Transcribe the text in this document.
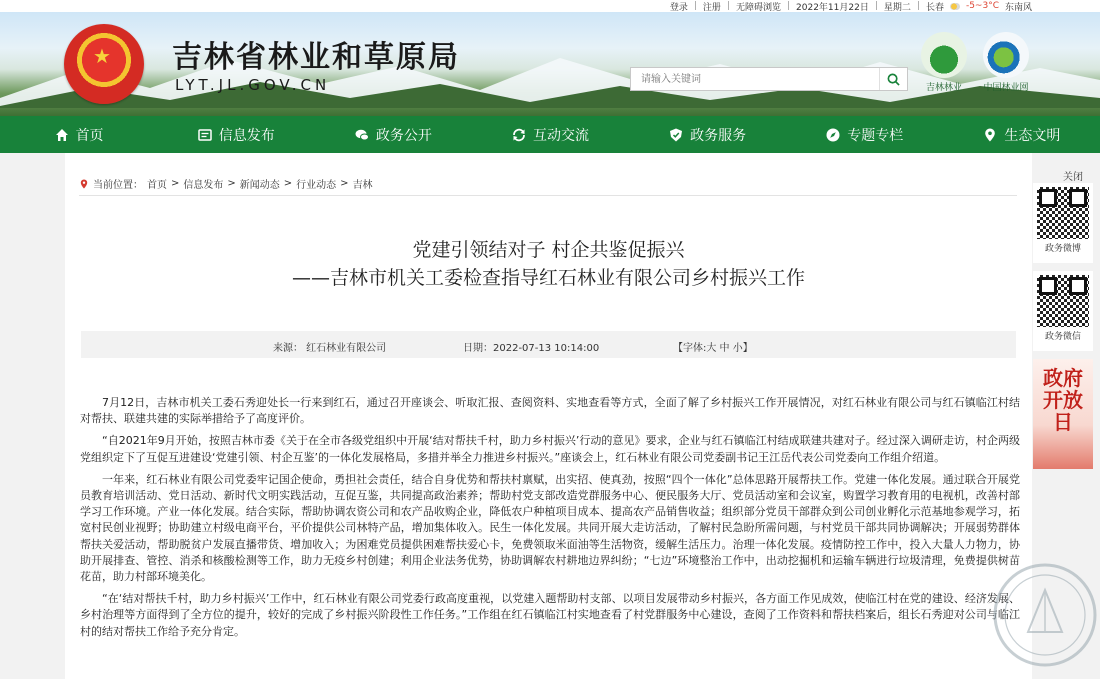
登录 | 注册 | 无障碍浏览 | 2022年11月22日 | 星期二 | 长春 -5~3°C 东南风
★ 吉林省林业和草原局
LYT.JL.GOV.CN
请输入关键词	吉林林业	中国林业网
首页	信息发布	政务公开	互动交流	政务服务	专题专栏	生态文明
当前位置： 首页 > 信息发布 > 新闻动态 > 行业动态 > 吉林
党建引领结对子 村企共鉴促振兴
——吉林市机关工委检查指导红石林业有限公司乡村振兴工作
来源： 红石林业有限公司	日期：2022-07-13 10:14:00	【字体:大 中 小】

7月12日，吉林市机关工委石秀迎处长一行来到红石，通过召开座谈会、听取汇报、查阅资料、实地查看等方式，全面了解了乡村振兴工作开展情况，对红石林业有限公司与红石镇临江村结对帮扶、联建共建的实际举措给予了高度评价。

“自2021年9月开始，按照吉林市委《关于在全市各级党组织中开展‘结对帮扶千村，助力乡村振兴’行动的意见》要求，企业与红石镇临江村结成联建共建对子。经过深入调研走访，村企两级党组织定下了互促互进建设‘党建引领、村企互鉴’的一体化发展格局，多措并举全力推进乡村振兴。”座谈会上，红石林业有限公司党委副书记王江岳代表公司党委向工作组介绍道。

一年来，红石林业有限公司党委牢记国企使命，勇担社会责任，结合自身优势和帮扶村禀赋，出实招、使真劲，按照“四个一体化”总体思路开展帮扶工作。党建一体化发展。通过联合开展党员教育培训活动、党日活动、新时代文明实践活动，互促互鉴，共同提高政治素养；帮助村党支部改造党群服务中心、便民服务大厅、党员活动室和会议室，购置学习教育用的电视机，改善村部学习工作环境。产业一体化发展。结合实际，帮助协调农资公司和农产品收购企业，降低农户种植项目成本、提高农产品销售收益；组织部分党员干部群众到公司创业孵化示范基地参观学习，拓宽村民创业视野；协助建立村级电商平台，平价提供公司林特产品，增加集体收入。民生一体化发展。共同开展大走访活动，了解村民急盼所需问题，与村党员干部共同协调解决；开展弱势群体帮扶关爱活动，帮助脱贫户发展直播带货、增加收入；为困难党员提供困难帮扶爱心卡，免费领取米面油等生活物资，缓解生活压力。治理一体化发展。疫情防控工作中，投入大量人力物力，协助开展排查、管控、消杀和核酸检测等工作，助力无疫乡村创建；利用企业法务优势，协助调解农村耕地边界纠纷；“七边”环境整治工作中，出动挖掘机和运输车辆进行垃圾清理，免费提供树苗花苗，助力村部环境美化。

“在‘结对帮扶千村，助力乡村振兴’工作中，红石林业有限公司党委行政高度重视，以党建入题帮助村支部、以项目发展带动乡村振兴，各方面工作见成效，使临江村在党的建设、经济发展、乡村治理等方面得到了全方位的提升，较好的完成了乡村振兴阶段性工作任务。”工作组在红石镇临江村实地查看了村党群服务中心建设，查阅了工作资料和帮扶档案后，组长石秀迎对公司与临江村的结对帮扶工作给予充分肯定。

关闭
政务微博
政务微信
政府开放日
